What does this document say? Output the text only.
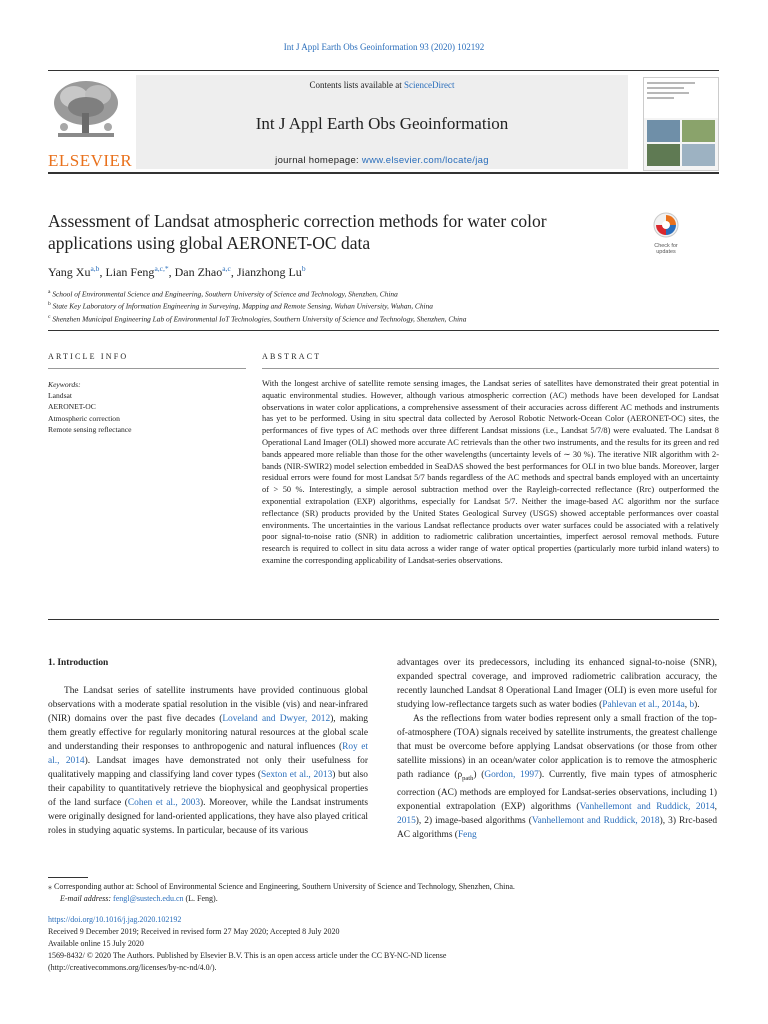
Int J Appl Earth Obs Geoinformation 93 (2020) 102192
ELSEVIER
Contents lists available at ScienceDirect
Int J Appl Earth Obs Geoinformation
journal homepage: www.elsevier.com/locate/jag
Assessment of Landsat atmospheric correction methods for water color applications using global AERONET-OC data	Check for
updates
Yang Xu$^{a,b}$, Lian Feng$^{a,c,*}$, Dan Zhao$^{a,c}$, Jianzhong Lu$^b$
$^a$ School of Environmental Science and Engineering, Southern University of Science and Technology, Shenzhen, China
$^b$ State Key Laboratory of Information Engineering in Surveying, Mapping and Remote Sensing, Wuhan University, Wuhan, China
$^c$ Shenzhen Municipal Engineering Lab of Environmental IoT Technologies, Southern University of Science and Technology, Shenzhen, China
ARTICLE INFO	ABSTRACT
Keywords:
Landsat
AERONET-OC
Atmospheric correction
Remote sensing reflectance
With the longest archive of satellite remote sensing images, the Landsat series of satellites have demonstrated their great potential in aquatic environmental studies. However, although various atmospheric correction (AC) methods have been developed for Landsat observations in water color applications, a comprehensive assessment of their accuracies across different AC methods and instruments has yet to be performed. Using in situ spectral data collected by Aerosol Robotic Network-Ocean Color (AERONET-OC) sites, the performances of five types of AC methods over three different Landsat missions (i.e., Landsat 5/7/8) were evaluated. The Landsat 8 Operational Land Imager (OLI) showed more accurate AC retrievals than the other two instruments, and the results for its green and red bands appeared more reliable than those for the other wavelengths (uncertainty levels of ∼ 30 %). The iterative NIR algorithm with 2-bands (NIR-SWIR2) model selection embedded in SeaDAS showed the best performances for OLI in two blue bands. Moreover, larger residual errors were found for most Landsat 5/7 bands regardless of the AC methods and spectral bands employed with an uncertainty of > 50 %. Interestingly, a simple aerosol subtraction method over the Rayleigh-corrected reflectance (Rrc) outperformed the exponential extrapolation (EXP) algorithms, especially for Landsat 5/7. Neither the image-based AC algorithm nor the surface reflectance (SR) products provided by the United States Geological Survey (USGS) showed acceptable performances over coastal environments. The uncertainties in the various Landsat reflectance products over water surfaces could be associated with a relatively poor signal-to-noise ratio (SNR) in addition to radiometric calibration uncertainties, imperfect aerosol removal methods. Future research is required to collect in situ data across a wider range of water optical properties (particularly more turbid inland waters) to examine the corresponding applicability of Landsat-series observations.
1. Introduction

The Landsat series of satellite instruments have provided continuous global observations with a moderate spatial resolution in the visible (vis) and near-infrared (NIR) domains over the past five decades (Loveland and Dwyer, 2012), making them greatly effective for regularly monitoring natural resources at the global scale and understanding their responses to anthropogenic and natural influences (Roy et al., 2014). Landsat images have demonstrated not only their usefulness for qualitatively mapping and classifying land cover types (Sexton et al., 2013) but also their capability to quantitatively retrieve the biophysical and geophysical properties of the land surface (Cohen et al., 2003). Moreover, while the Landsat instruments were originally designed for land-oriented applications, they have also played critical roles in studying aquatic systems. In particular, because of its various

advantages over its predecessors, including its enhanced signal-to-noise (SNR), expanded spectral coverage, and improved radiometric calibration accuracy, the recently launched Landsat 8 Operational Land Imager (OLI) is even more useful for studying low-reflectance targets such as water bodies (Pahlevan et al., 2014a, b).

As the reflections from water bodies represent only a small fraction of the top-of-atmosphere (TOA) signals received by satellite instruments, the greatest challenge that must be overcome before applying Landsat observations (or those from other satellite missions) in an ocean/water color application is to remove the atmospheric path radiance $(\rho_{path})$ (Gordon, 1997). Currently, five main types of atmospheric correction (AC) methods are employed for Landsat-series observations, including 1) exponential extrapolation (EXP) algorithms (Vanhellemont and Ruddick, 2014, 2015), 2) image-based algorithms (Vanhellemont and Ruddick, 2018), 3) Rrc-based AC algorithms (Feng

⁎ Corresponding author at: School of Environmental Science and Engineering, Southern University of Science and Technology, Shenzhen, China.
E-mail address: fengl@sustech.edu.cn (L. Feng).
https://doi.org/10.1016/j.jag.2020.102192
Received 9 December 2019; Received in revised form 27 May 2020; Accepted 8 July 2020
Available online 15 July 2020
1569-8432/ © 2020 The Authors. Published by Elsevier B.V. This is an open access article under the CC BY-NC-ND license
(http://creativecommons.org/licenses/by-nc-nd/4.0/).
